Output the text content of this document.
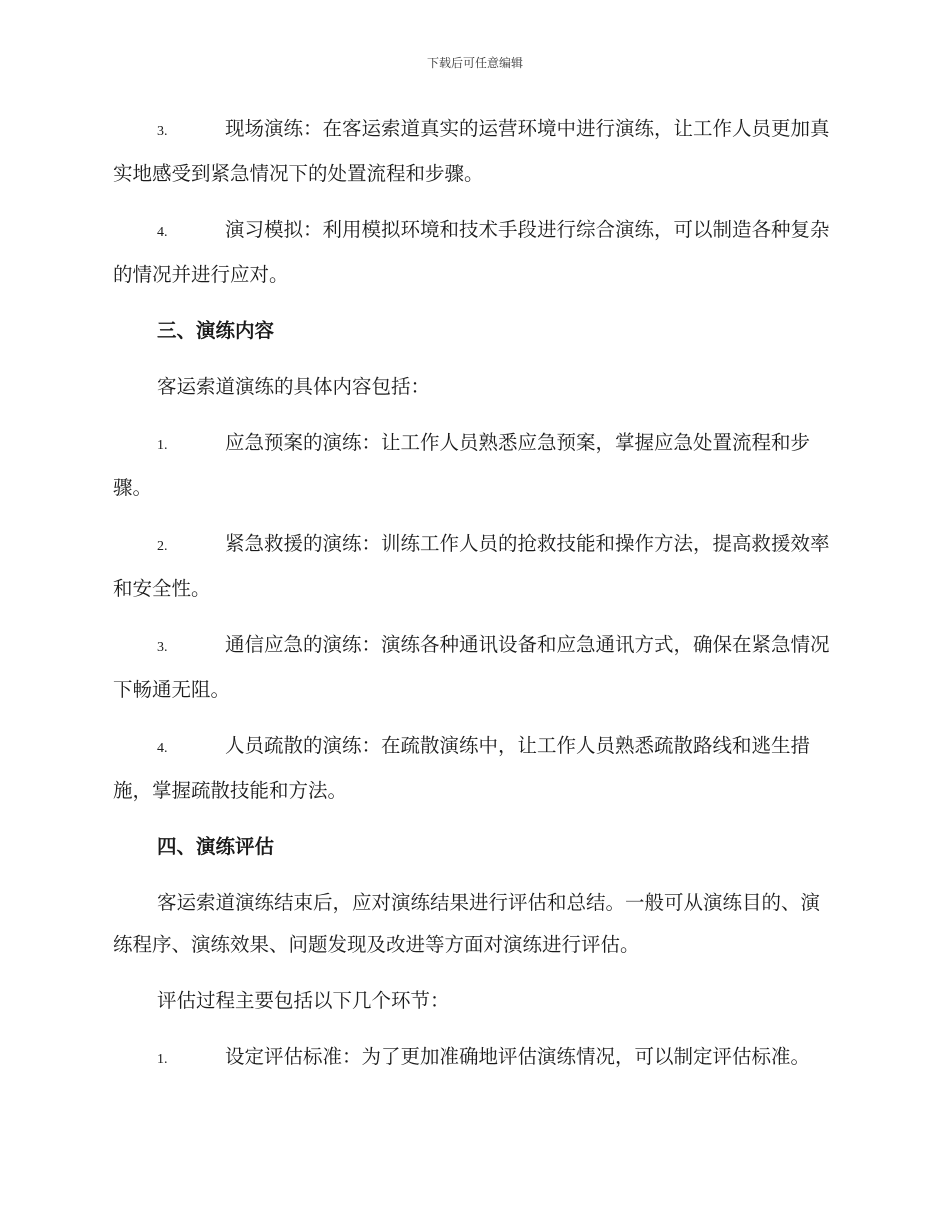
下载后可任意编辑
3.	现场演练：在客运索道真实的运营环境中进行演练，让工作人员更加真实地感受到紧急情况下的处置流程和步骤。
4.	演习模拟：利用模拟环境和技术手段进行综合演练，可以制造各种复杂的情况并进行应对。
三、演练内容
客运索道演练的具体内容包括：
1.	应急预案的演练：让工作人员熟悉应急预案，掌握应急处置流程和步骤。
2.	紧急救援的演练：训练工作人员的抢救技能和操作方法，提高救援效率和安全性。
3.	通信应急的演练：演练各种通讯设备和应急通讯方式，确保在紧急情况下畅通无阻。
4.	人员疏散的演练：在疏散演练中，让工作人员熟悉疏散路线和逃生措施，掌握疏散技能和方法。
四、演练评估
客运索道演练结束后，应对演练结果进行评估和总结。一般可从演练目的、演练程序、演练效果、问题发现及改进等方面对演练进行评估。
评估过程主要包括以下几个环节：
1.	设定评估标准：为了更加准确地评估演练情况，可以制定评估标准。
